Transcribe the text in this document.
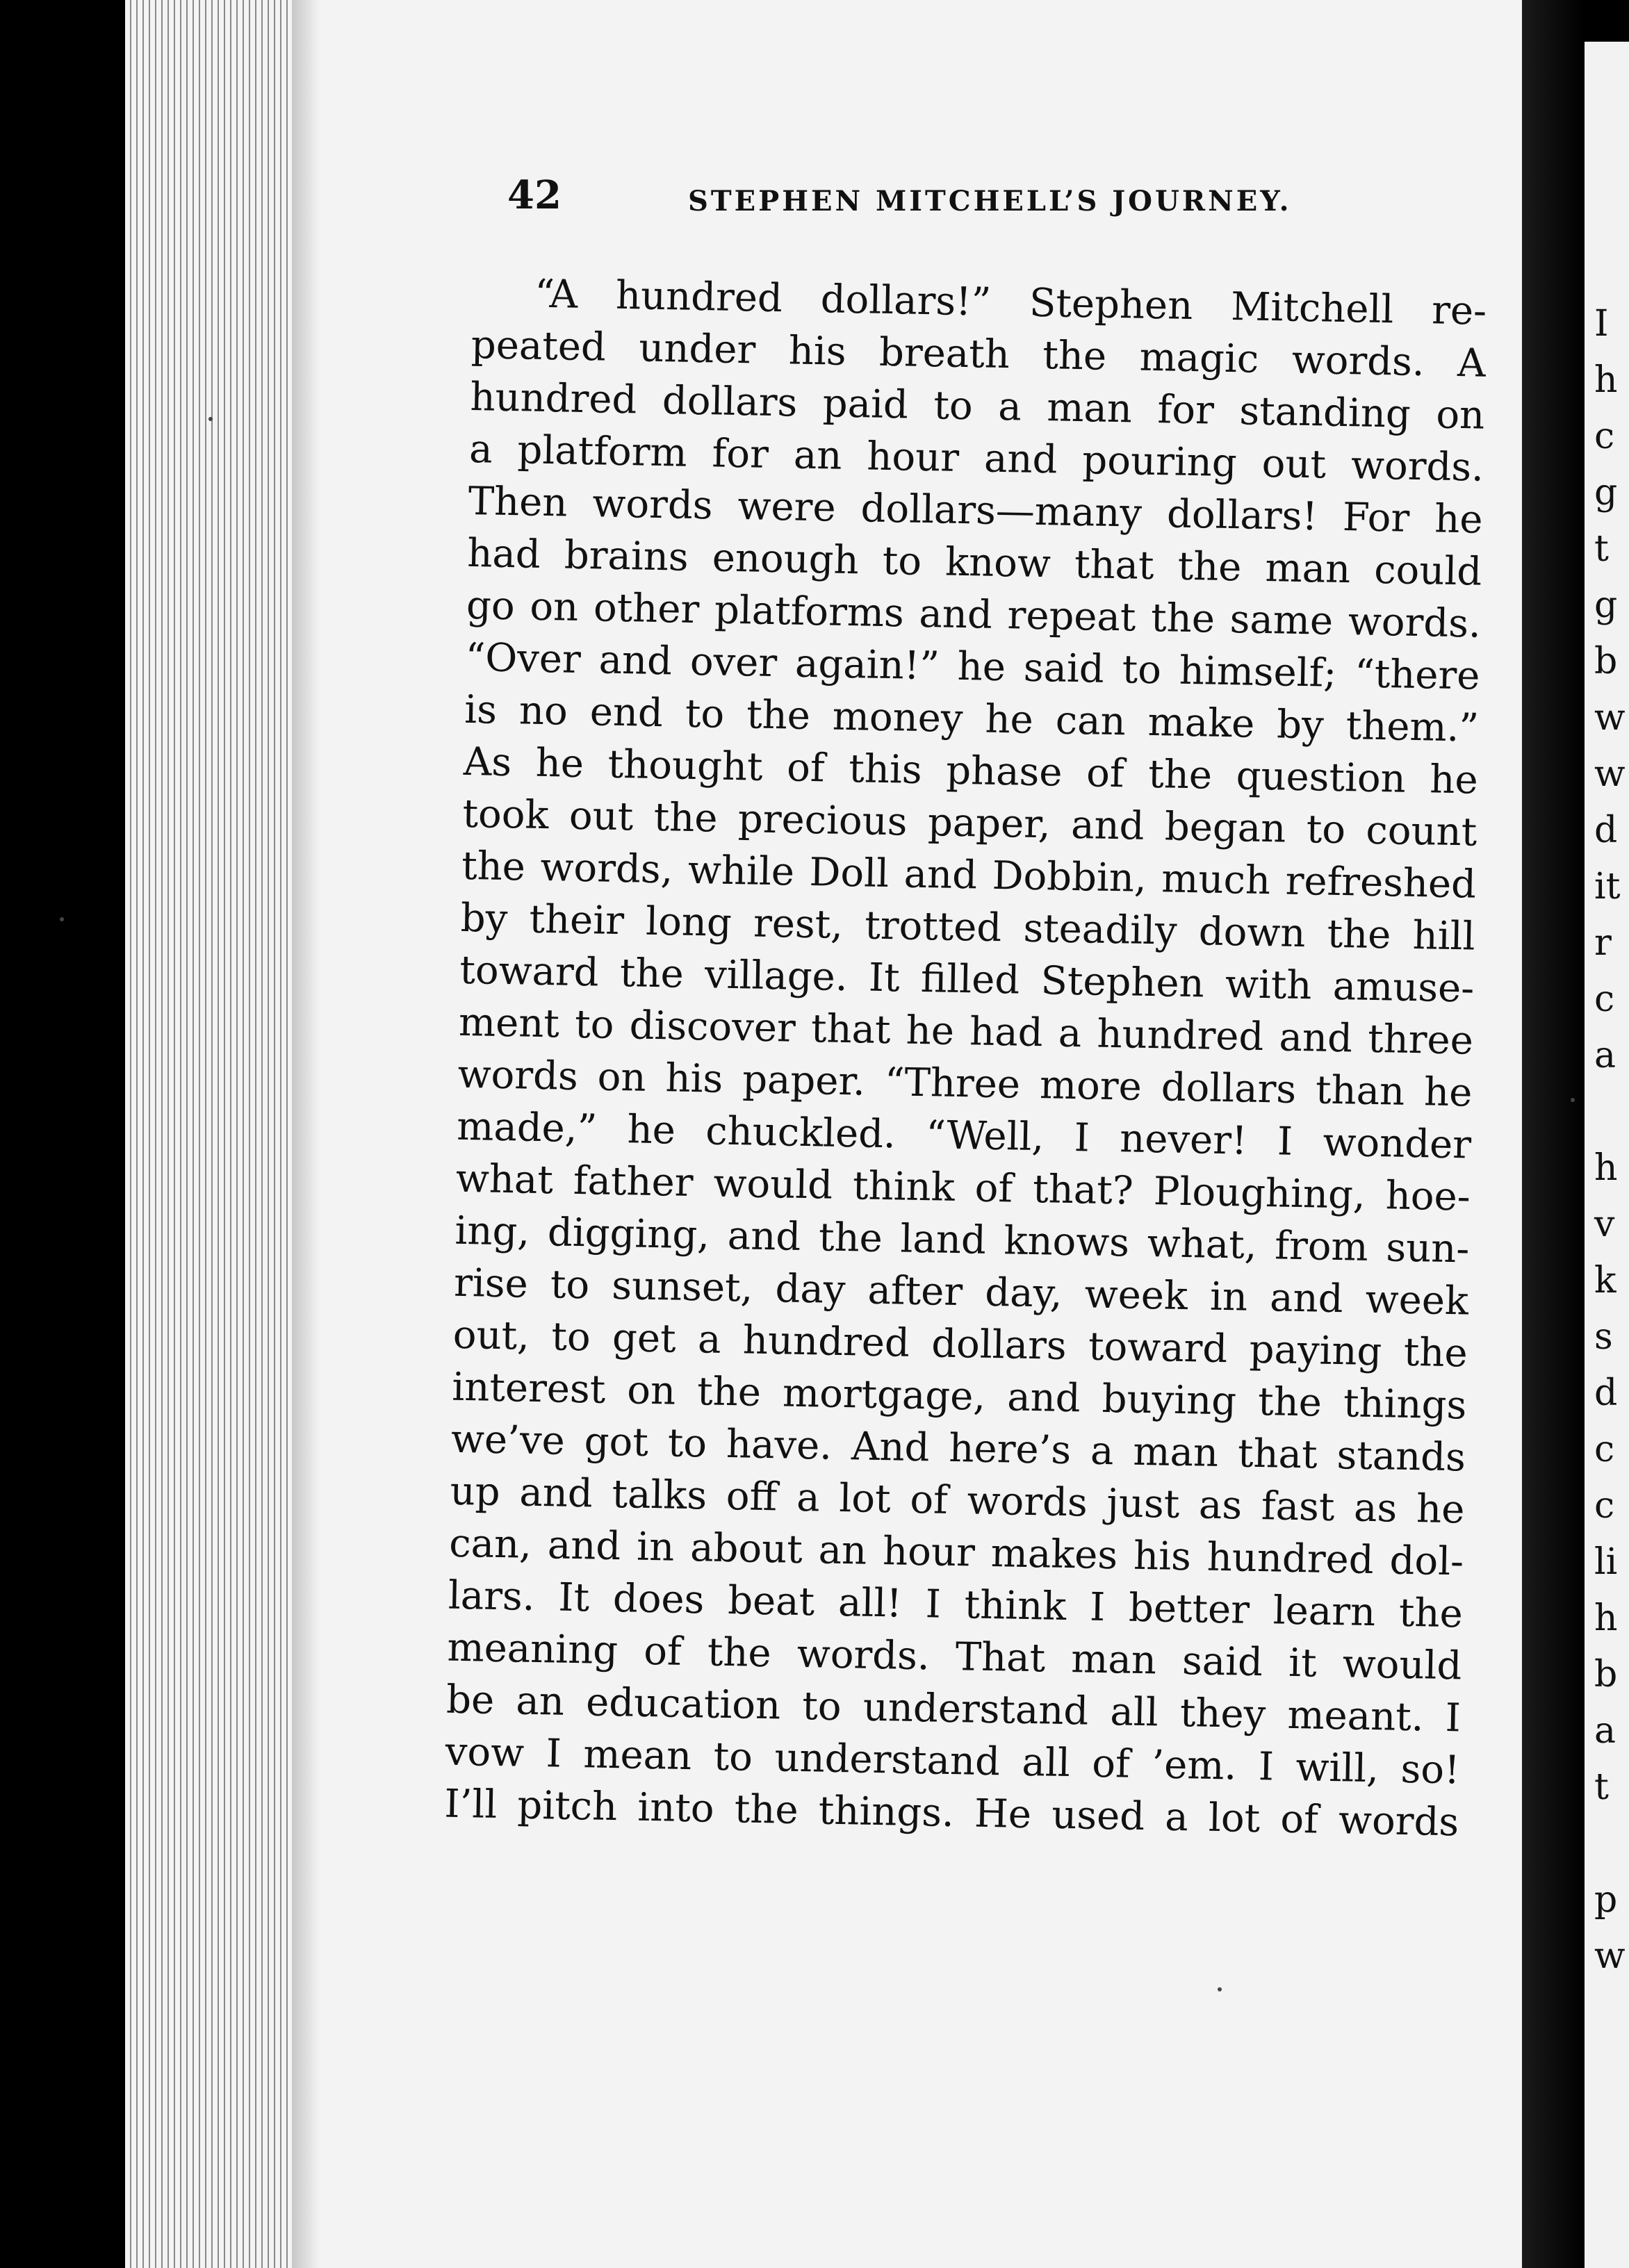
I
h
c
g
t
g
b
w
w
d
it
r
c
a
h
v
k
s
d
c
c
li
h
b
a
t
p
w
42	STEPHEN MITCHELL’S JOURNEY.
“A hundred dollars!” Stephen Mitchell re-
peated under his breath the magic words. A
hundred dollars paid to a man for standing on
a platform for an hour and pouring out words.
Then words were dollars—many dollars! For he
had brains enough to know that the man could
go on other platforms and repeat the same words.
“Over and over again!” he said to himself; “there
is no end to the money he can make by them.”
As he thought of this phase of the question he
took out the precious paper, and began to count
the words, while Doll and Dobbin, much refreshed
by their long rest, trotted steadily down the hill
toward the village. It filled Stephen with amuse-
ment to discover that he had a hundred and three
words on his paper. “Three more dollars than he
made,” he chuckled. “Well, I never! I wonder
what father would think of that? Ploughing, hoe-
ing, digging, and the land knows what, from sun-
rise to sunset, day after day, week in and week
out, to get a hundred dollars toward paying the
interest on the mortgage, and buying the things
we’ve got to have. And here’s a man that stands
up and talks off a lot of words just as fast as he
can, and in about an hour makes his hundred dol-
lars. It does beat all! I think I better learn the
meaning of the words. That man said it would
be an education to understand all they meant. I
vow I mean to understand all of ’em. I will, so!
I’ll pitch into the things. He used a lot of words
